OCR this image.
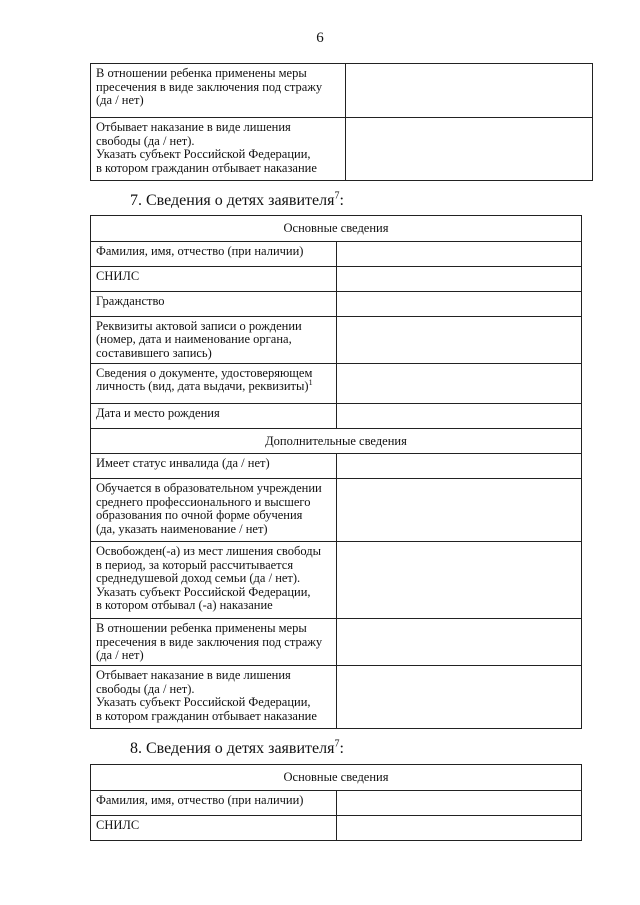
6
В отношении ребенка применены меры
пресечения в виде заключения под стражу
(да / нет)	

Отбывает наказание в виде лишения
свободы (да / нет).
Указать субъект Российской Федерации,
в котором гражданин отбывает наказание	

7. Сведения о детях заявителя$^7$:
Основные сведения	

Фамилия, имя, отчество (при наличии)	

СНИЛС	

Гражданство	

Реквизиты актовой записи о рождении
(номер, дата и наименование органа,
составившего запись)	

Сведения о документе, удостоверяющем
личность (вид, дата выдачи, реквизиты)$^1$

Дата и место рождения	

Дополнительные сведения	

Имеет статус инвалида (да / нет)	

Обучается в образовательном учреждении
среднего профессионального и высшего
образования по очной форме обучения
(да, указать наименование / нет)	

Освобожден(-а) из мест лишения свободы
в период, за который рассчитывается
среднедушевой доход семьи (да / нет).
Указать субъект Российской Федерации,
в котором отбывал (-а) наказание	

В отношении ребенка применены меры
пресечения в виде заключения под стражу
(да / нет)	

Отбывает наказание в виде лишения
свободы (да / нет).
Указать субъект Российской Федерации,
в котором гражданин отбывает наказание	

8. Сведения о детях заявителя$^7$:
Основные сведения	

Фамилия, имя, отчество (при наличии)	

СНИЛС	
